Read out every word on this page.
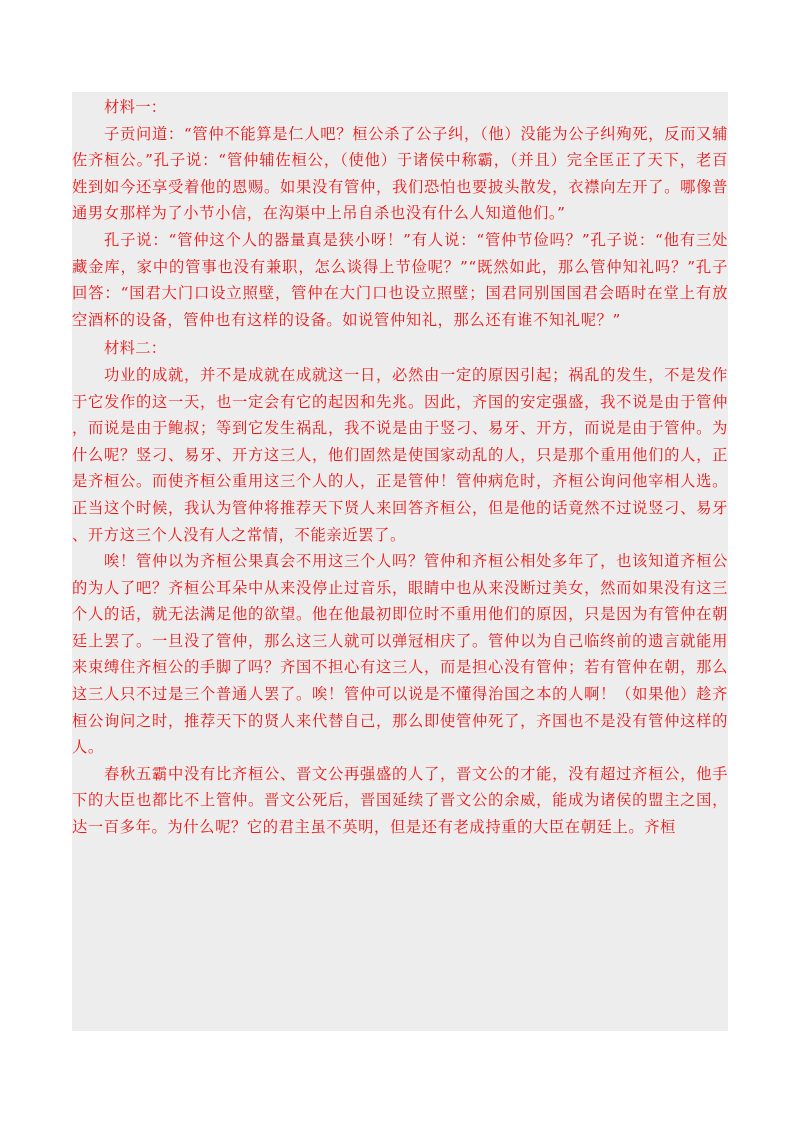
材料一：

子贡问道：“管仲不能算是仁人吧？桓公杀了公子纠，（他）没能为公子纠殉死，反而又辅佐齐桓公。”孔子说：“管仲辅佐桓公，（使他）于诸侯中称霸，（并且）完全匡正了天下，老百姓到如今还享受着他的恩赐。如果没有管仲，我们恐怕也要披头散发，衣襟向左开了。哪像普通男女那样为了小节小信，在沟渠中上吊自杀也没有什么人知道他们。”

孔子说：“管仲这个人的器量真是狭小呀！”有人说：“管仲节俭吗？”孔子说：“他有三处藏金库，家中的管事也没有兼职，怎么谈得上节俭呢？”“既然如此，那么管仲知礼吗？”孔子回答：“国君大门口设立照壁，管仲在大门口也设立照壁；国君同别国国君会晤时在堂上有放空酒杯的设备，管仲也有这样的设备。如说管仲知礼，那么还有谁不知礼呢？”

材料二：

功业的成就，并不是成就在成就这一日，必然由一定的原因引起；祸乱的发生，不是发作于它发作的这一天，也一定会有它的起因和先兆。因此，齐国的安定强盛，我不说是由于管仲，而说是由于鲍叔；等到它发生祸乱，我不说是由于竖刁、易牙、开方，而说是由于管仲。为什么呢？竖刁、易牙、开方这三人，他们固然是使国家动乱的人，只是那个重用他们的人，正是齐桓公。而使齐桓公重用这三个人的人，正是管仲！管仲病危时，齐桓公询问他宰相人选。正当这个时候，我认为管仲将推荐天下贤人来回答齐桓公，但是他的话竟然不过说竖刁、易牙、开方这三个人没有人之常情，不能亲近罢了。

唉！管仲以为齐桓公果真会不用这三个人吗？管仲和齐桓公相处多年了，也该知道齐桓公的为人了吧？齐桓公耳朵中从来没停止过音乐，眼睛中也从来没断过美女，然而如果没有这三个人的话，就无法满足他的欲望。他在他最初即位时不重用他们的原因，只是因为有管仲在朝廷上罢了。一旦没了管仲，那么这三人就可以弹冠相庆了。管仲以为自己临终前的遗言就能用来束缚住齐桓公的手脚了吗？齐国不担心有这三人，而是担心没有管仲；若有管仲在朝，那么这三人只不过是三个普通人罢了。唉！管仲可以说是不懂得治国之本的人啊！（如果他）趁齐桓公询问之时，推荐天下的贤人来代替自己，那么即使管仲死了，齐国也不是没有管仲这样的人。

春秋五霸中没有比齐桓公、晋文公再强盛的人了，晋文公的才能，没有超过齐桓公，他手下的大臣也都比不上管仲。晋文公死后，晋国延续了晋文公的余威，能成为诸侯的盟主之国，达一百多年。为什么呢？它的君主虽不英明，但是还有老成持重的大臣在朝廷上。齐桓
